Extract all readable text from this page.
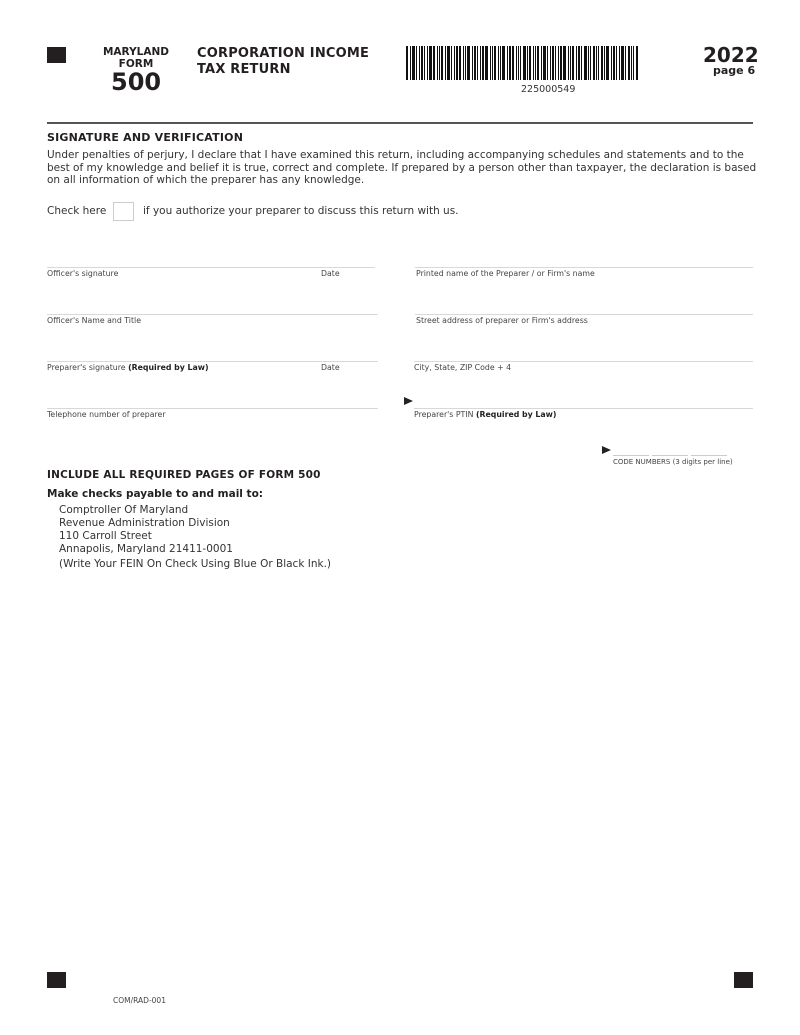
MARYLAND
FORM
500
CORPORATION INCOME
TAX RETURN
225000549
2022
page 6
SIGNATURE AND VERIFICATION
Under penalties of perjury, I declare that I have examined this return, including accompanying schedules and statements and to the best of my knowledge and belief it is true, correct and complete. If prepared by a person other than taxpayer, the declaration is based on all information of which the preparer has any knowledge.
Check here	if you authorize your preparer to discuss this return with us.
Officer's signature	Date
Officer's Name and Title
Preparer's signature (Required by Law)	Date
Telephone number of preparer
Printed name of the Preparer / or Firm's name
Street address of preparer or Firm's address
City, State, ZIP Code + 4
Preparer's PTIN (Required by Law)
CODE NUMBERS (3 digits per line)
INCLUDE ALL REQUIRED PAGES OF FORM 500
Make checks payable to and mail to:
Comptroller Of Maryland
Revenue Administration Division
110 Carroll Street
Annapolis, Maryland 21411-0001
(Write Your FEIN On Check Using Blue Or Black Ink.)
COM/RAD-001
